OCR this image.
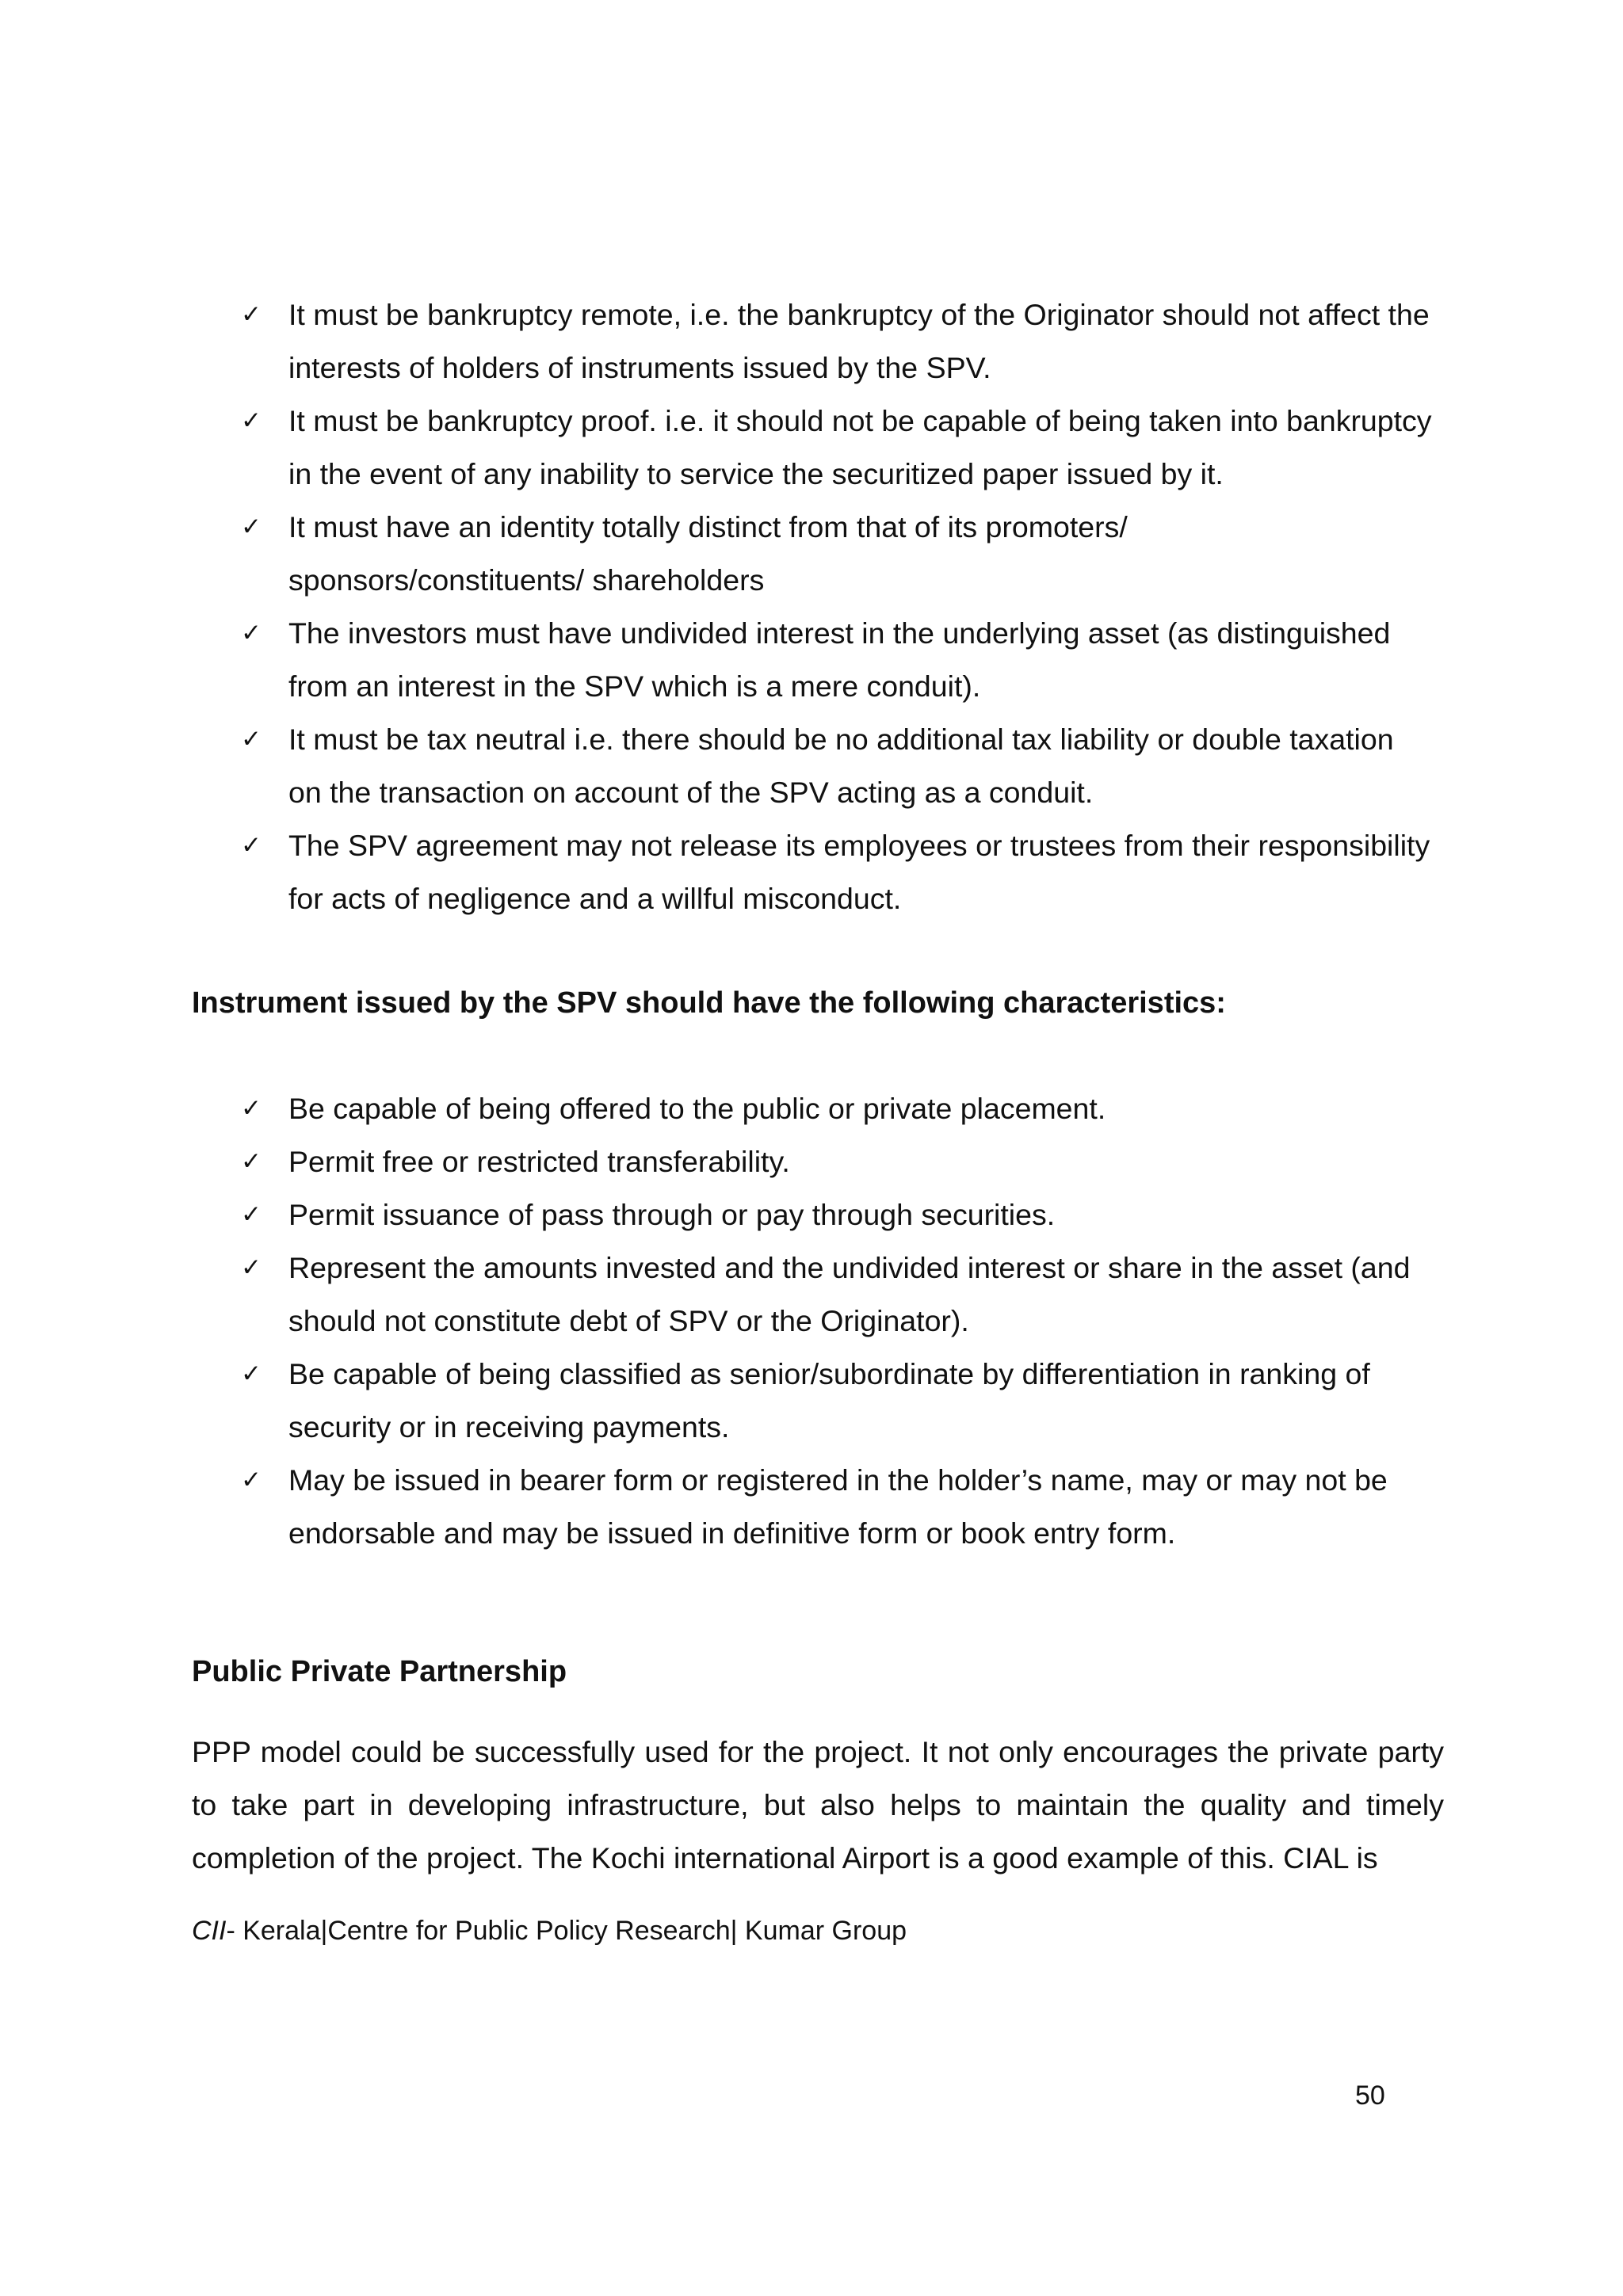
✓ It must be bankruptcy remote, i.e. the bankruptcy of the Originator should not affect the
interests of holders of instruments issued by the SPV.
✓ It must be bankruptcy proof. i.e. it should not be capable of being taken into bankruptcy
in the event of any inability to service the securitized paper issued by it.
✓ It must have an identity totally distinct from that of its promoters/
sponsors/constituents/ shareholders
✓ The investors must have undivided interest in the underlying asset (as distinguished
from an interest in the SPV which is a mere conduit).
✓ It must be tax neutral i.e. there should be no additional tax liability or double taxation
on the transaction on account of the SPV acting as a conduit.
✓ The SPV agreement may not release its employees or trustees from their responsibility
for acts of negligence and a willful misconduct.
Instrument issued by the SPV should have the following characteristics:
✓ Be capable of being offered to the public or private placement.
✓ Permit free or restricted transferability.
✓ Permit issuance of pass through or pay through securities.
✓ Represent the amounts invested and the undivided interest or share in the asset (and
should not constitute debt of SPV or the Originator).
✓ Be capable of being classified as senior/subordinate by differentiation in ranking of
security or in receiving payments.
✓ May be issued in bearer form or registered in the holder’s name, may or may not be
endorsable and may be issued in definitive form or book entry form.
Public Private Partnership

PPP model could be successfully used for the project. It not only encourages the private party to take part in developing infrastructure, but also helps to maintain the quality and timely completion of the project. The Kochi international Airport is a good example of this. CIAL is

CII- Kerala|Centre for Public Policy Research| Kumar Group
50
